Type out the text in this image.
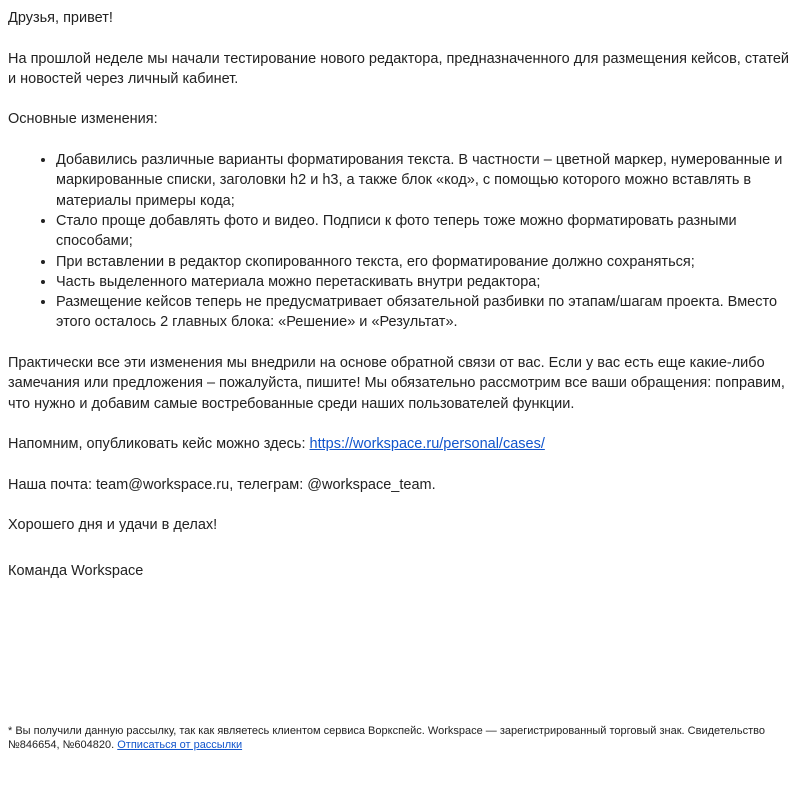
Друзья, привет!

На прошлой неделе мы начали тестирование нового редактора, предназначенного для размещения кейсов, статей и новостей через личный кабинет.

Основные изменения:

• Добавились различные варианты форматирования текста. В частности – цветной маркер, нумерованные и маркированные списки, заголовки h2 и h3, а также блок «код», с помощью которого можно вставлять в материалы примеры кода;
• Стало проще добавлять фото и видео. Подписи к фото теперь тоже можно форматировать разными способами;
• При вставлении в редактор скопированного текста, его форматирование должно сохраняться;
• Часть выделенного материала можно перетаскивать внутри редактора;
• Размещение кейсов теперь не предусматривает обязательной разбивки по этапам/шагам проекта. Вместо этого осталось 2 главных блока: «Решение» и «Результат».

Практически все эти изменения мы внедрили на основе обратной связи от вас. Если у вас есть еще какие-либо замечания или предложения – пожалуйста, пишите! Мы обязательно рассмотрим все ваши обращения: поправим, что нужно и добавим самые востребованные среди наших пользователей функции.

Напомним, опубликовать кейс можно здесь: https://workspace.ru/personal/cases/

Наша почта: team@workspace.ru, телеграм: @workspace_team.

Хорошего дня и удачи в делах!

Команда Workspace

* Вы получили данную рассылку, так как являетесь клиентом сервиса Воркспейс. Workspace — зарегистрированный торговый знак. Свидетельство №846654, №604820. Отписаться от рассылки
